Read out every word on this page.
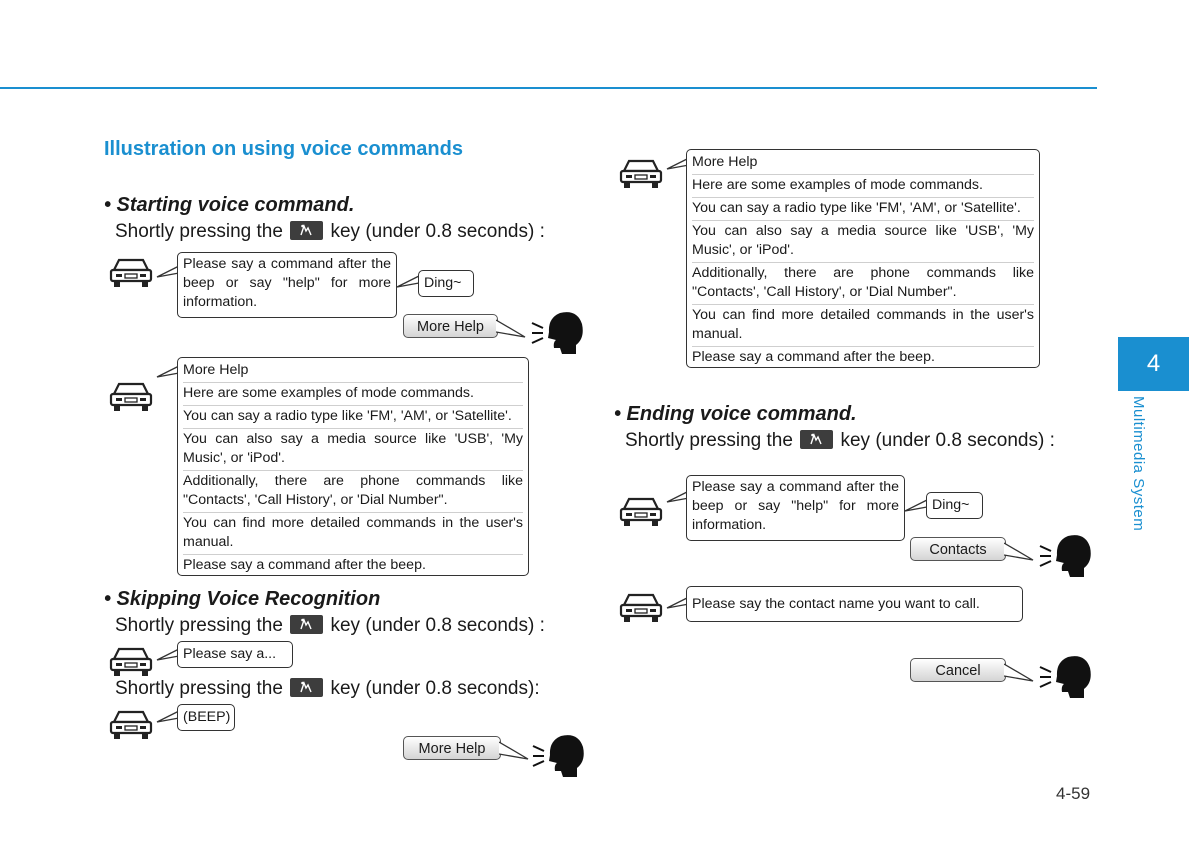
Illustration on using voice commands
• Starting voice command.
Shortly pressing the	key (under 0.8 seconds) :
Please say a command after the beep or say "help" for more information.
Ding~
More Help
More Help
Here are some examples of mode commands.
You can say a radio type like 'FM', 'AM', or 'Satellite'.
You can also say a media source like 'USB', 'My Music', or 'iPod'.
Additionally, there are phone commands like "Contacts', 'Call History', or 'Dial Number".
You can find more detailed commands in the user's manual.
Please say a command after the beep.
• Skipping Voice Recognition
Shortly pressing the	key (under 0.8 seconds) :
Please say a...
Shortly pressing the	key (under 0.8 seconds):
(BEEP)
More Help
More Help
Here are some examples of mode commands.
You can say a radio type like 'FM', 'AM', or 'Satellite'.
You can also say a media source like 'USB', 'My Music', or 'iPod'.
Additionally, there are phone commands like "Contacts', 'Call History', or 'Dial Number".
You can find more detailed commands in the user's manual.
Please say a command after the beep.
• Ending voice command.
Shortly pressing the	key (under 0.8 seconds) :
Please say a command after the beep or say "help" for more information.
Ding~
Contacts
Please say the contact name you want to call.
Cancel
4
Multimedia System
4-59
